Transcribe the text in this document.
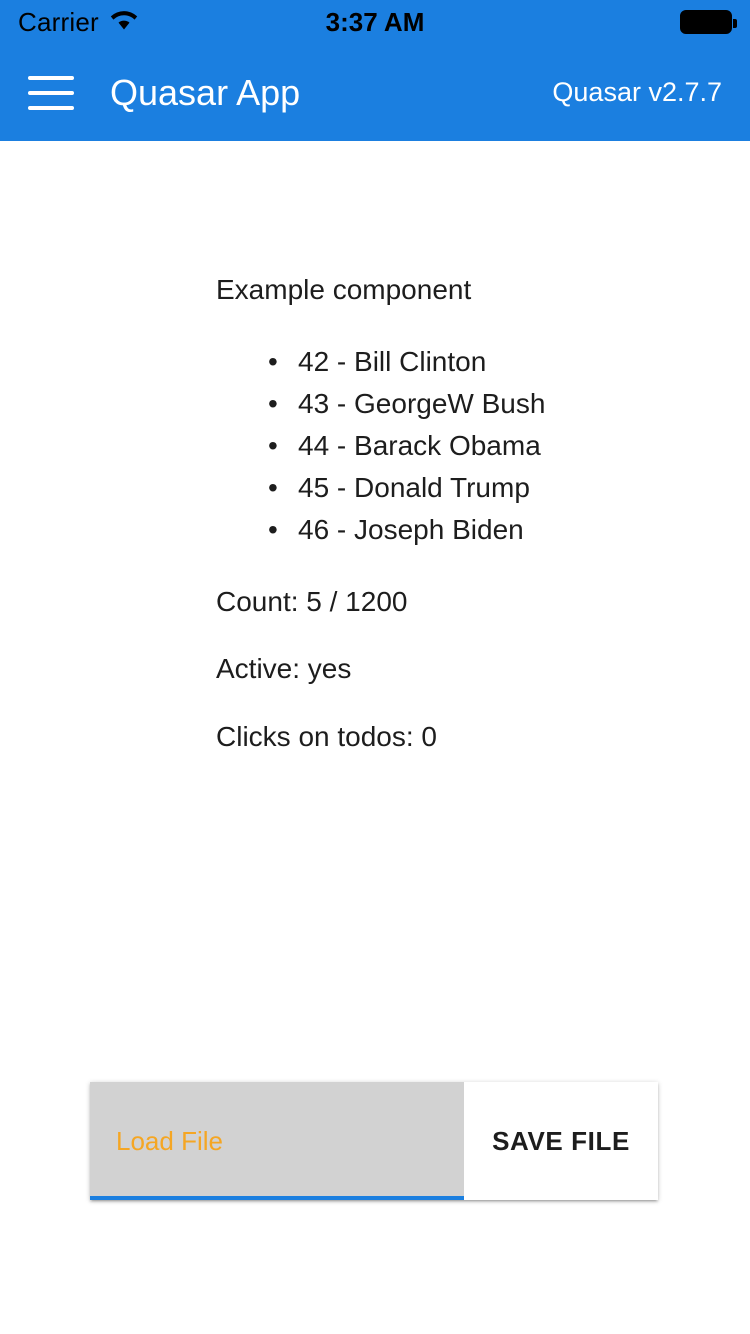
Carrier	3:37 AM
Quasar App	Quasar v2.7.7
Example component
• 42 - Bill Clinton
• 43 - GeorgeW Bush
• 44 - Barack Obama
• 45 - Donald Trump
• 46 - Joseph Biden
Count: 5 / 1200
Active: yes
Clicks on todos: 0
Load File	SAVE FILE
